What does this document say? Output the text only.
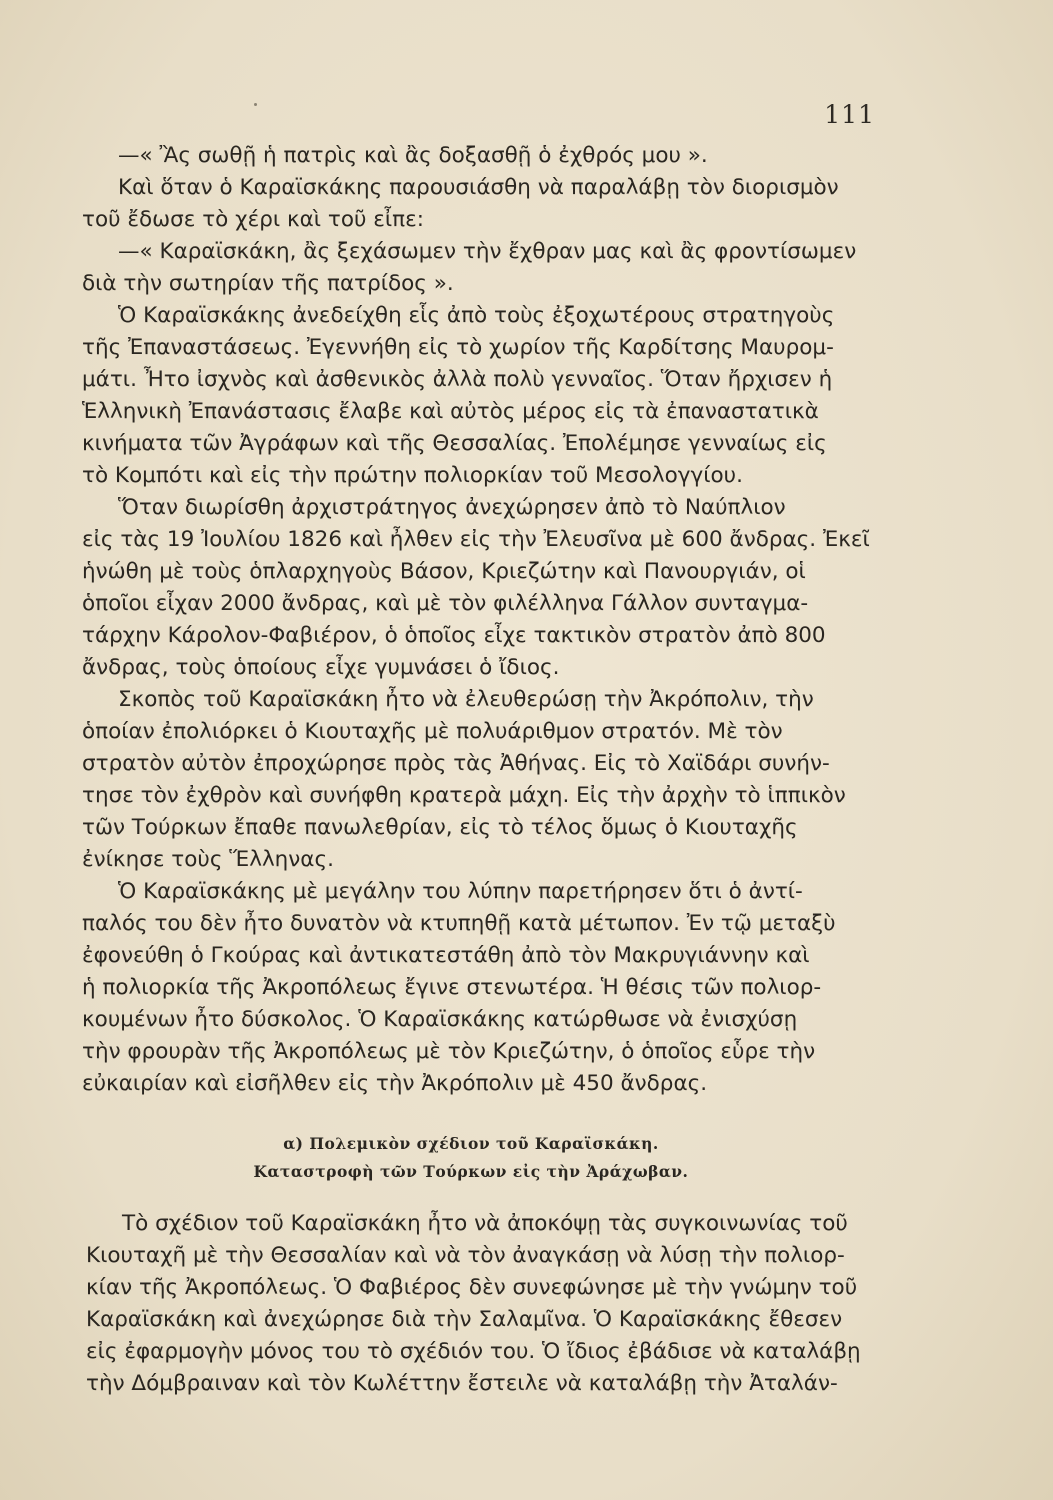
111
—« Ἂς σωθῇ ἡ πατρὶς καὶ ἂς δοξασθῇ ὁ ἐχθρός μου ».
Καὶ ὅταν ὁ Καραϊσκάκης παρουσιάσθη νὰ παραλάβῃ τὸν διορισμὸν
τοῦ ἔδωσε τὸ χέρι καὶ τοῦ εἶπε:
—« Καραϊσκάκη, ἂς ξεχάσωμεν τὴν ἔχθραν μας καὶ ἂς φροντίσωμεν
διὰ τὴν σωτηρίαν τῆς πατρίδος ».
Ὁ Καραϊσκάκης ἀνεδείχθη εἷς ἀπὸ τοὺς ἐξοχωτέρους στρατηγοὺς
τῆς Ἐπαναστάσεως. Ἐγεννήθη εἰς τὸ χωρίον τῆς Καρδίτσης Μαυρομ-
μάτι. Ἦτο ἰσχνὸς καὶ ἀσθενικὸς ἀλλὰ πολὺ γενναῖος. Ὅταν ἤρχισεν ἡ
Ἑλληνικὴ Ἐπανάστασις ἔλαβε καὶ αὐτὸς μέρος εἰς τὰ ἐπαναστατικὰ
κινήματα τῶν Ἀγράφων καὶ τῆς Θεσσαλίας. Ἐπολέμησε γενναίως εἰς
τὸ Κομπότι καὶ εἰς τὴν πρώτην πολιορκίαν τοῦ Μεσολογγίου.
Ὅταν διωρίσθη ἀρχιστράτηγος ἀνεχώρησεν ἀπὸ τὸ Ναύπλιον
εἰς τὰς 19 Ἰουλίου 1826 καὶ ἦλθεν εἰς τὴν Ἐλευσῖνα μὲ 600 ἄνδρας. Ἐκεῖ
ἡνώθη μὲ τοὺς ὁπλαρχηγοὺς Βάσον, Κριεζώτην καὶ Πανουργιάν, οἱ
ὁποῖοι εἶχαν 2000 ἄνδρας, καὶ μὲ τὸν φιλέλληνα Γάλλον συνταγμα-
τάρχην Κάρολον-Φαβιέρον, ὁ ὁποῖος εἶχε τακτικὸν στρατὸν ἀπὸ 800
ἄνδρας, τοὺς ὁποίους εἶχε γυμνάσει ὁ ἴδιος.
Σκοπὸς τοῦ Καραϊσκάκη ἦτο νὰ ἐλευθερώσῃ τὴν Ἀκρόπολιν, τὴν
ὁποίαν ἐπολιόρκει ὁ Κιουταχῆς μὲ πολυάριθμον στρατόν. Μὲ τὸν
στρατὸν αὐτὸν ἐπροχώρησε πρὸς τὰς Ἀθήνας. Εἰς τὸ Χαϊδάρι συνήν-
τησε τὸν ἐχθρὸν καὶ συνήφθη κρατερὰ μάχη. Εἰς τὴν ἀρχὴν τὸ ἱππικὸν
τῶν Τούρκων ἔπαθε πανωλεθρίαν, εἰς τὸ τέλος ὅμως ὁ Κιουταχῆς
ἐνίκησε τοὺς Ἕλληνας.
Ὁ Καραϊσκάκης μὲ μεγάλην του λύπην παρετήρησεν ὅτι ὁ ἀντί-
παλός του δὲν ἦτο δυνατὸν νὰ κτυπηθῇ κατὰ μέτωπον. Ἐν τῷ μεταξὺ
ἐφονεύθη ὁ Γκούρας καὶ ἀντικατεστάθη ἀπὸ τὸν Μακρυγιάννην καὶ
ἡ πολιορκία τῆς Ἀκροπόλεως ἔγινε στενωτέρα. Ἡ θέσις τῶν πολιορ-
κουμένων ἦτο δύσκολος. Ὁ Καραϊσκάκης κατώρθωσε νὰ ἐνισχύσῃ
τὴν φρουρὰν τῆς Ἀκροπόλεως μὲ τὸν Κριεζώτην, ὁ ὁποῖος εὗρε τὴν
εὐκαιρίαν καὶ εἰσῆλθεν εἰς τὴν Ἀκρόπολιν μὲ 450 ἄνδρας.
α) Πολεμικὸν σχέδιον τοῦ Καραϊσκάκη.
Καταστροφὴ τῶν Τούρκων εἰς τὴν Ἀράχωβαν.
Τὸ σχέδιον τοῦ Καραϊσκάκη ἦτο νὰ ἀποκόψῃ τὰς συγκοινωνίας τοῦ
Κιουταχῆ μὲ τὴν Θεσσαλίαν καὶ νὰ τὸν ἀναγκάσῃ νὰ λύσῃ τὴν πολιορ-
κίαν τῆς Ἀκροπόλεως. Ὁ Φαβιέρος δὲν συνεφώνησε μὲ τὴν γνώμην τοῦ
Καραϊσκάκη καὶ ἀνεχώρησε διὰ τὴν Σαλαμῖνα. Ὁ Καραϊσκάκης ἔθεσεν
εἰς ἐφαρμογὴν μόνος του τὸ σχέδιόν του. Ὁ ἴδιος ἐβάδισε νὰ καταλάβῃ
τὴν Δόμβραιναν καὶ τὸν Κωλέττην ἔστειλε νὰ καταλάβῃ τὴν Ἀταλάν-
